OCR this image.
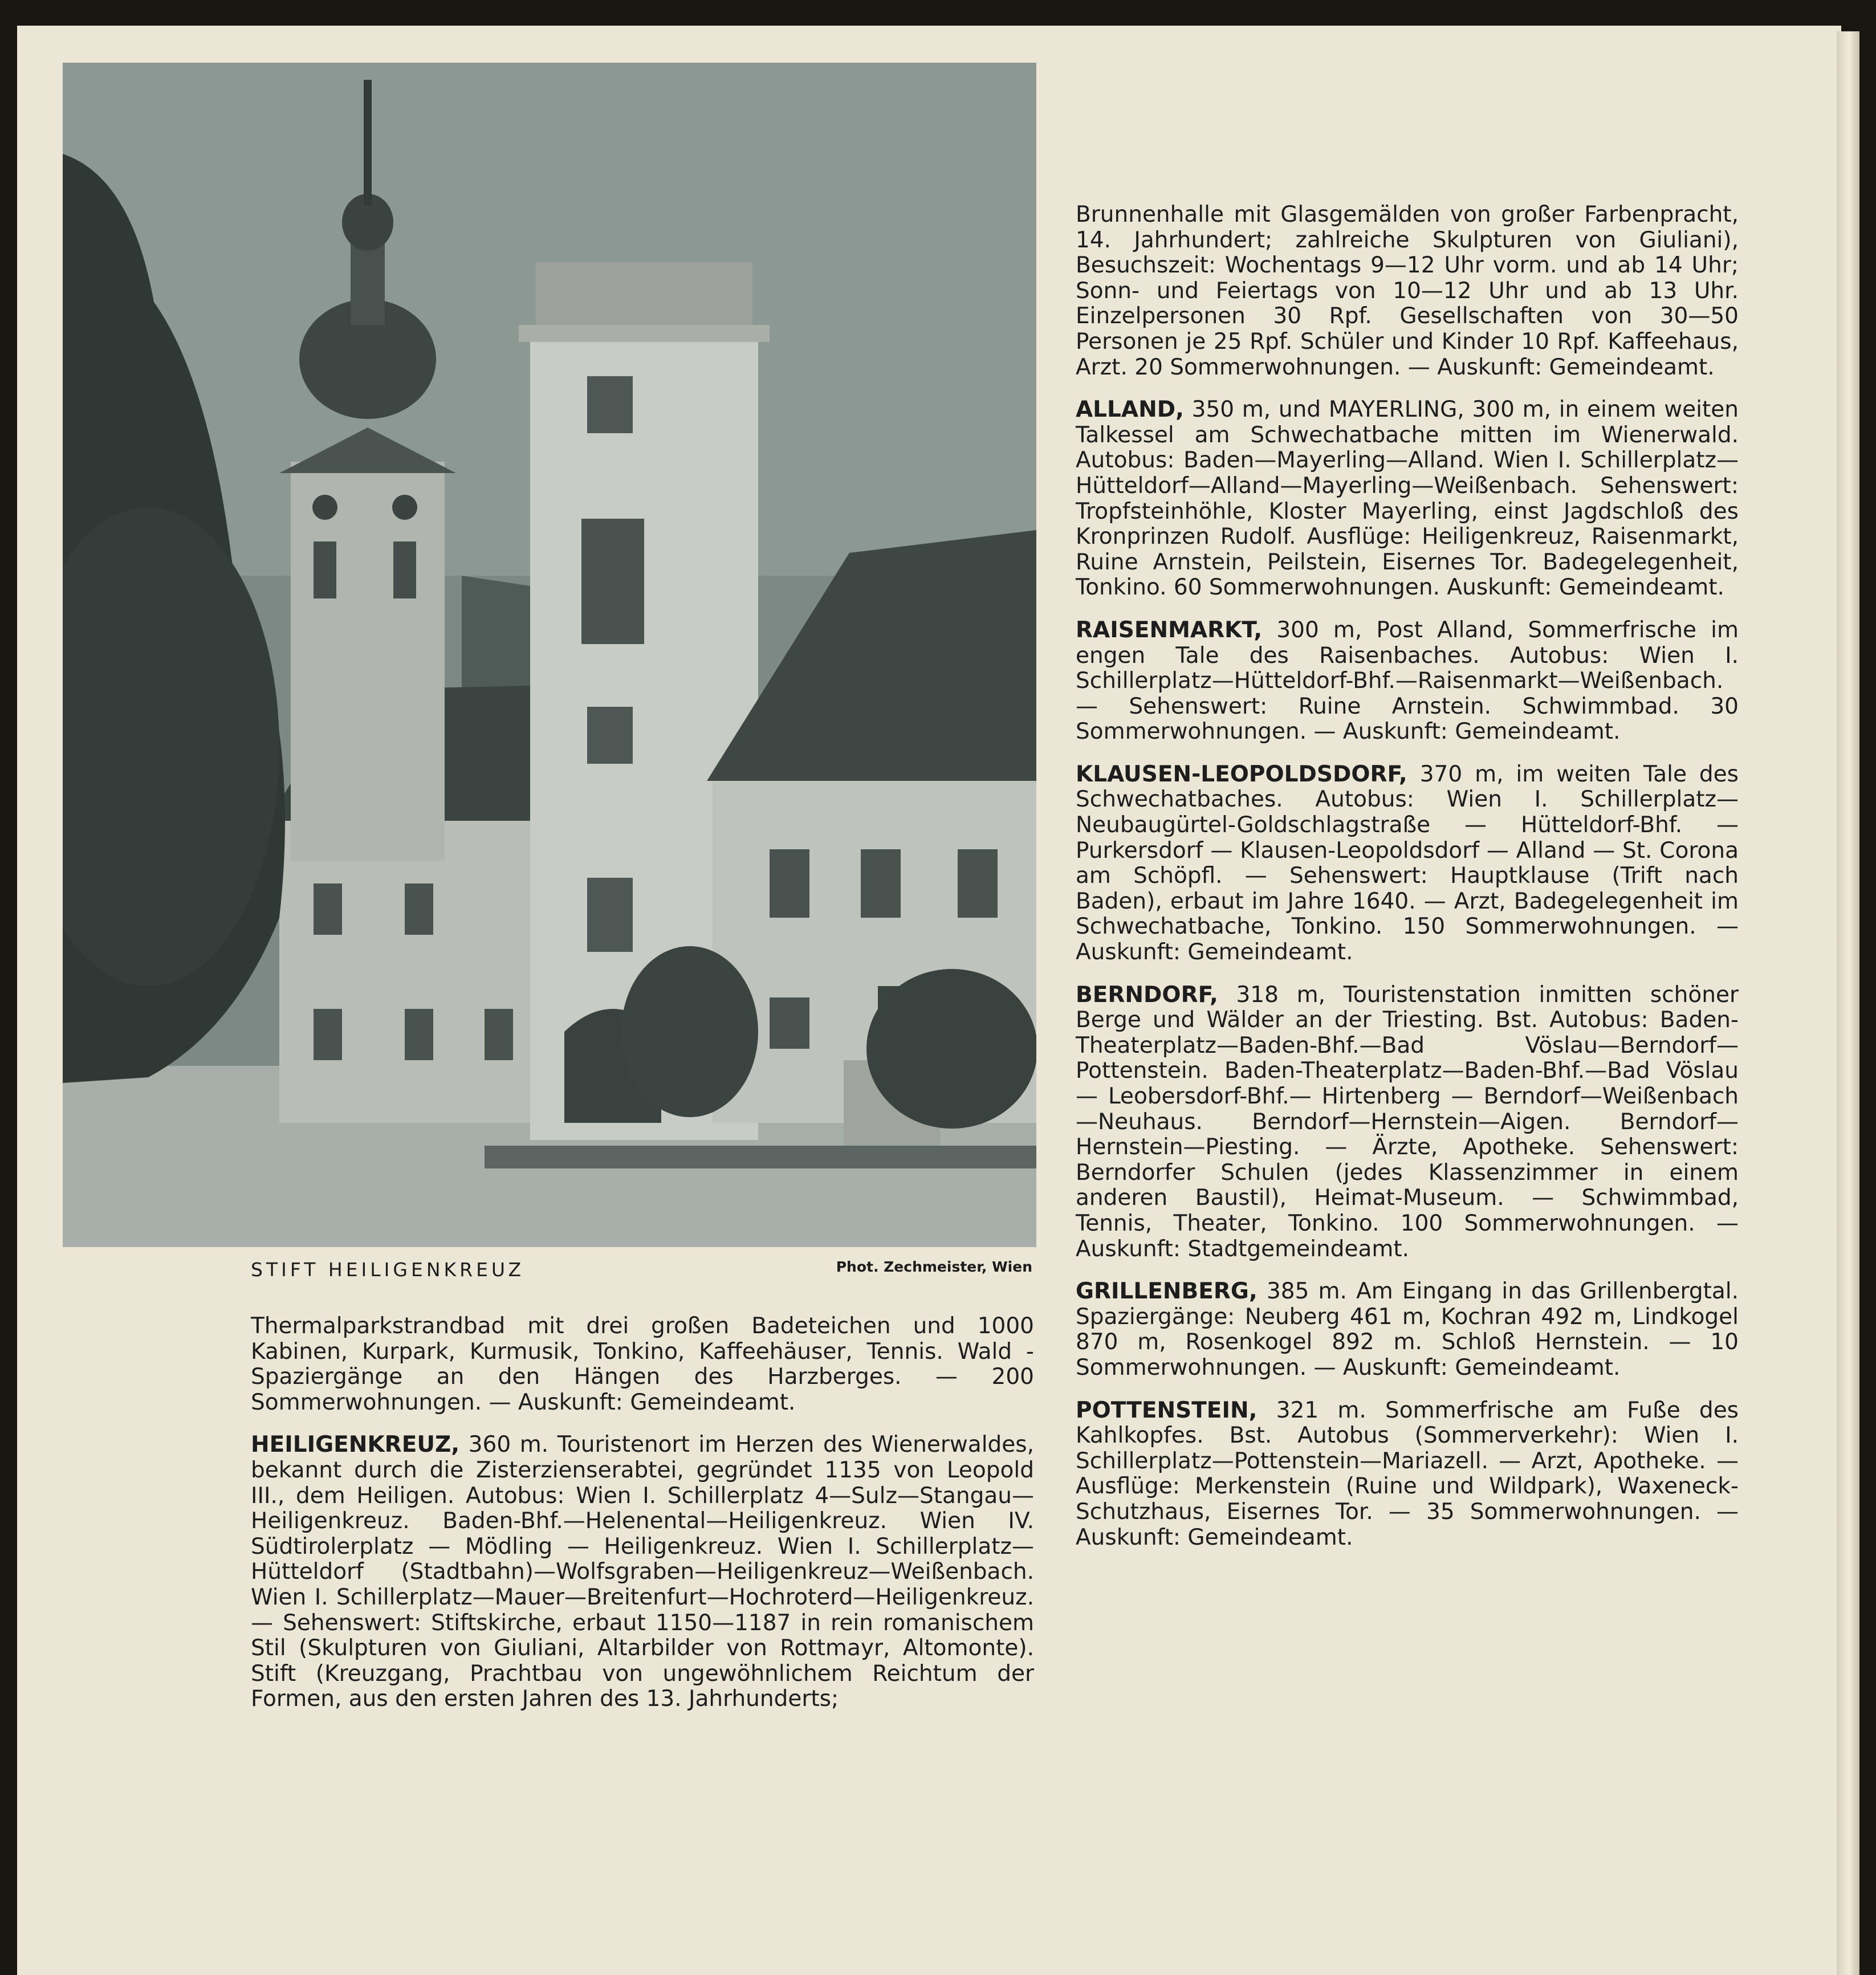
STIFT HEILIGENKREUZ	Phot. Zechmeister, Wien

Thermalparkstrandbad mit drei großen Badeteichen und 1000 Kabinen, Kurpark, Kurmusik, Tonkino, Kaffeehäuser, Tennis. Wald - Spaziergänge an den Hängen des Harzberges. — 200 Sommerwohnungen. — Auskunft: Gemeindeamt.

HEILIGENKREUZ, 360 m. Touristenort im Herzen des Wienerwaldes, bekannt durch die Zisterzienserabtei, gegründet 1135 von Leopold III., dem Heiligen. Autobus: Wien I. Schillerplatz 4—Sulz—Stangau—Heiligenkreuz. Baden-Bhf.—Helenental—Heiligenkreuz. Wien IV. Südtirolerplatz — Mödling — Heiligenkreuz. Wien I. Schillerplatz—Hütteldorf (Stadtbahn)—Wolfsgraben—Heiligenkreuz—Weißenbach. Wien I. Schillerplatz—Mauer—Breitenfurt—Hochroterd—Heiligenkreuz. — Sehenswert: Stiftskirche, erbaut 1150—1187 in rein romanischem Stil (Skulpturen von Giuliani, Altarbilder von Rottmayr, Altomonte). Stift (Kreuzgang, Prachtbau von ungewöhnlichem Reichtum der Formen, aus den ersten Jahren des 13. Jahrhunderts;

Brunnenhalle mit Glasgemälden von großer Farbenpracht, 14. Jahrhundert; zahlreiche Skulpturen von Giuliani), Besuchszeit: Wochentags 9—12 Uhr vorm. und ab 14 Uhr; Sonn- und Feiertags von 10—12 Uhr und ab 13 Uhr. Einzelpersonen 30 Rpf. Gesellschaften von 30—50 Personen je 25 Rpf. Schüler und Kinder 10 Rpf. Kaffeehaus, Arzt. 20 Sommerwohnungen. — Auskunft: Gemeindeamt.

ALLAND, 350 m, und MAYERLING, 300 m, in einem weiten Talkessel am Schwechatbache mitten im Wienerwald. Autobus: Baden—Mayerling—Alland. Wien I. Schillerplatz—Hütteldorf—Alland—Mayerling—Weißenbach. Sehenswert: Tropfsteinhöhle, Kloster Mayerling, einst Jagdschloß des Kronprinzen Rudolf. Ausflüge: Heiligenkreuz, Raisenmarkt, Ruine Arnstein, Peilstein, Eisernes Tor. Badegelegenheit, Tonkino. 60 Sommerwohnungen. Auskunft: Gemeindeamt.

RAISENMARKT, 300 m, Post Alland, Sommerfrische im engen Tale des Raisenbaches. Autobus: Wien I. Schillerplatz—Hütteldorf-Bhf.—Raisenmarkt—Weißenbach. — Sehenswert: Ruine Arnstein. Schwimmbad. 30 Sommerwohnungen. — Auskunft: Gemeindeamt.

KLAUSEN-LEOPOLDSDORF, 370 m, im weiten Tale des Schwechatbaches. Autobus: Wien I. Schillerplatz—Neubaugürtel-Goldschlagstraße — Hütteldorf-Bhf. — Purkersdorf — Klausen-Leopoldsdorf — Alland — St. Corona am Schöpfl. — Sehenswert: Hauptklause (Trift nach Baden), erbaut im Jahre 1640. — Arzt, Badegelegenheit im Schwechatbache, Tonkino. 150 Sommerwohnungen. — Auskunft: Gemeindeamt.

BERNDORF, 318 m, Touristenstation inmitten schöner Berge und Wälder an der Triesting. Bst. Autobus: Baden-Theaterplatz—Baden-Bhf.—Bad Vöslau—Berndorf—Pottenstein. Baden-Theaterplatz—Baden-Bhf.—Bad Vöslau — Leobersdorf-Bhf.— Hirtenberg — Berndorf—Weißenbach—Neuhaus. Berndorf—Hernstein—Aigen. Berndorf—Hernstein—Piesting. — Ärzte, Apotheke. Sehenswert: Berndorfer Schulen (jedes Klassenzimmer in einem anderen Baustil), Heimat-Museum. — Schwimmbad, Tennis, Theater, Tonkino. 100 Sommerwohnungen. — Auskunft: Stadtgemeindeamt.

GRILLENBERG, 385 m. Am Eingang in das Grillenbergtal. Spaziergänge: Neuberg 461 m, Kochran 492 m, Lindkogel 870 m, Rosenkogel 892 m. Schloß Hernstein. — 10 Sommerwohnungen. — Auskunft: Gemeindeamt.

POTTENSTEIN, 321 m. Sommerfrische am Fuße des Kahlkopfes. Bst. Autobus (Sommerverkehr): Wien I. Schillerplatz—Pottenstein—Mariazell. — Arzt, Apotheke. — Ausflüge: Merkenstein (Ruine und Wildpark), Waxeneck-Schutzhaus, Eisernes Tor. — 35 Sommerwohnungen. — Auskunft: Gemeindeamt.
